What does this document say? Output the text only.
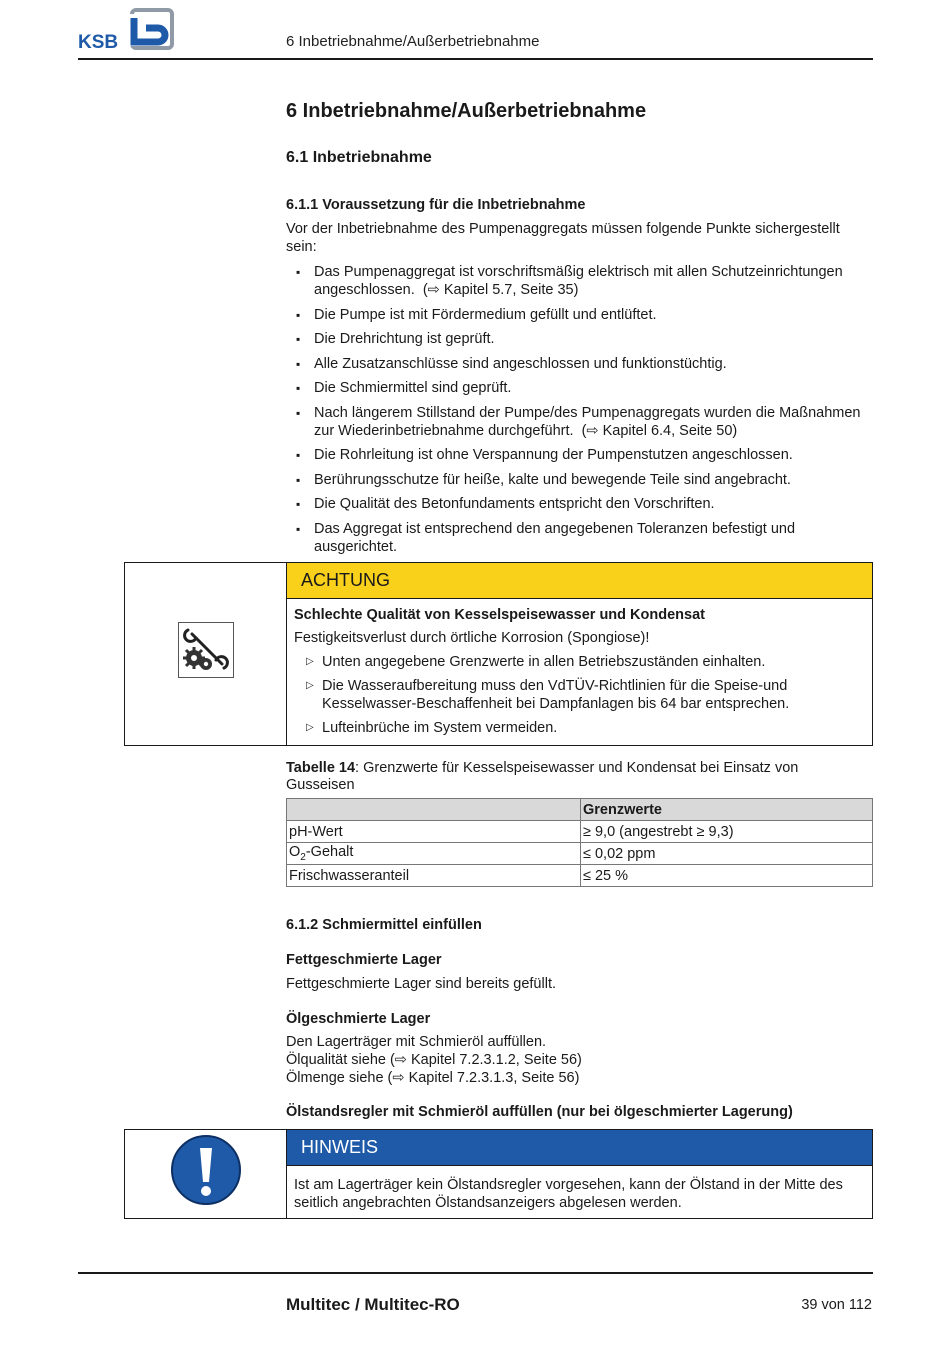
KSB	6 Inbetriebnahme/Außerbetriebnahme
6 Inbetriebnahme/Außerbetriebnahme
6.1 Inbetriebnahme
6.1.1 Voraussetzung für die Inbetriebnahme
Vor der Inbetriebnahme des Pumpenaggregats müssen folgende Punkte sichergestellt sein:
▪ Das Pumpenaggregat ist vorschriftsmäßig elektrisch mit allen Schutzeinrichtungen angeschlossen. (⇨ Kapitel 5.7, Seite 35)
▪ Die Pumpe ist mit Fördermedium gefüllt und entlüftet.
▪ Die Drehrichtung ist geprüft.
▪ Alle Zusatzanschlüsse sind angeschlossen und funktionstüchtig.
▪ Die Schmiermittel sind geprüft.
▪ Nach längerem Stillstand der Pumpe/des Pumpenaggregats wurden die Maßnahmen zur Wiederinbetriebnahme durchgeführt. (⇨ Kapitel 6.4, Seite 50)
▪ Die Rohrleitung ist ohne Verspannung der Pumpenstutzen angeschlossen.
▪ Berührungsschutze für heiße, kalte und bewegende Teile sind angebracht.
▪ Die Qualität des Betonfundaments entspricht den Vorschriften.
▪ Das Aggregat ist entsprechend den angegebenen Toleranzen befestigt und ausgerichtet.
ACHTUNG
Schlechte Qualität von Kesselspeisewasser und Kondensat
Festigkeitsverlust durch örtliche Korrosion (Spongiose)!
▷ Unten angegebene Grenzwerte in allen Betriebszuständen einhalten.
▷ Die Wasseraufbereitung muss den VdTÜV-Richtlinien für die Speise-und Kesselwasser-Beschaffenheit bei Dampfanlagen bis 64 bar entsprechen.
▷ Lufteinbrüche im System vermeiden.
Tabelle 14: Grenzwerte für Kesselspeisewasser und Kondensat bei Einsatz von Gusseisen
	Grenzwerte
pH-Wert	≥ 9,0 (angestrebt ≥ 9,3)
$O_2$-Gehalt	≤ 0,02 ppm
Frischwasseranteil	≤ 25 %
6.1.2 Schmiermittel einfüllen
Fettgeschmierte Lager
Fettgeschmierte Lager sind bereits gefüllt.
Ölgeschmierte Lager
Den Lagerträger mit Schmieröl auffüllen.
Ölqualität siehe (⇨ Kapitel 7.2.3.1.2, Seite 56)
Ölmenge siehe (⇨ Kapitel 7.2.3.1.3, Seite 56)
Ölstandsregler mit Schmieröl auffüllen (nur bei ölgeschmierter Lagerung)
HINWEIS
Ist am Lagerträger kein Ölstandsregler vorgesehen, kann der Ölstand in der Mitte des seitlich angebrachten Ölstandsanzeigers abgelesen werden.
Multitec / Multitec-RO	39 von 112
